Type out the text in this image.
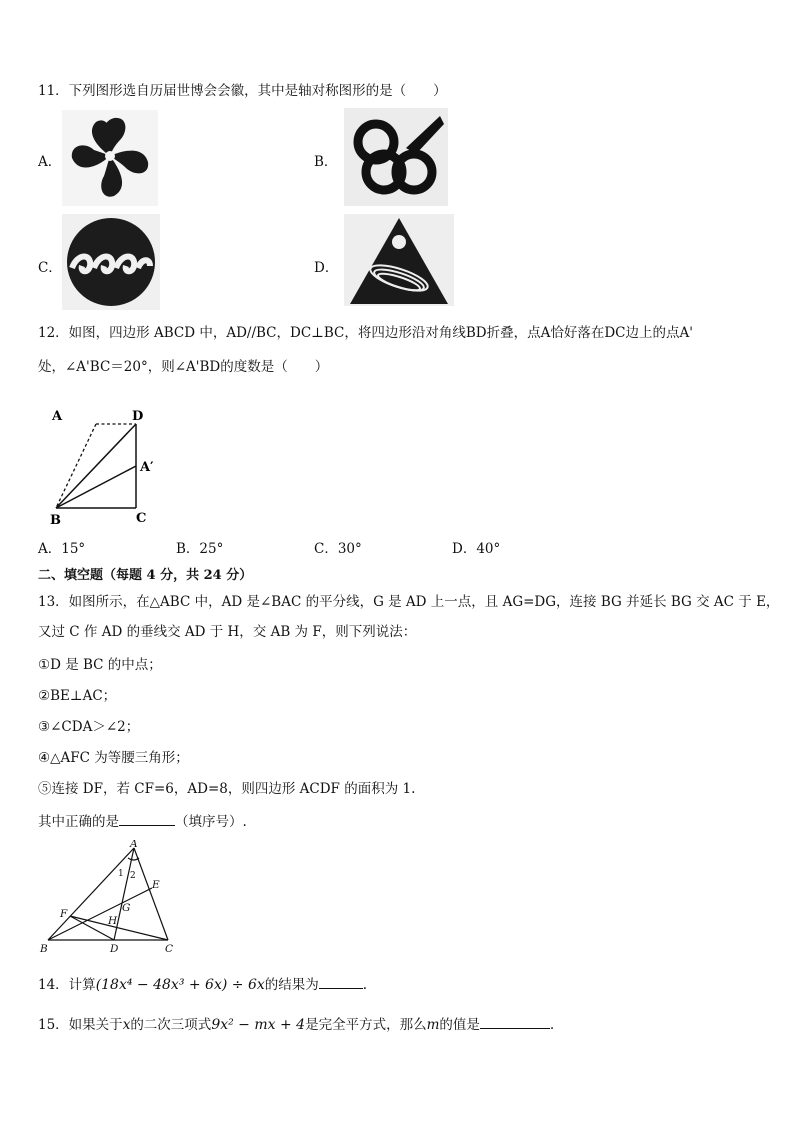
11．下列图形选自历届世博会会徽，其中是轴对称图形的是（　　）
A．	B．
C．	D．
12．如图，四边形 ABCD 中，AD//BC，DC⊥BC，将四边形沿对角线BD折叠，点A恰好落在DC边上的点A'
处，∠A'BC＝20°，则∠A'BD的度数是（　　）
A	D
A′
B	C
A．15°	B．25°	C．30°	D．40°
二、填空题（每题 4 分，共 24 分）
13．如图所示，在△ABC 中，AD 是∠BAC 的平分线，G 是 AD 上一点，且 AG=DG，连接 BG 并延长 BG 交 AC 于 E，
又过 C 作 AD 的垂线交 AD 于 H，交 AB 为 F，则下列说法：
①D 是 BC 的中点；
②BE⊥AC；
③∠CDA＞∠2；
④△AFC 为等腰三角形；
⑤连接 DF，若 CF=6，AD=8，则四边形 ACDF 的面积为 1.
其中正确的是	（填序号）.
A
E
F	G
H
B	D	C
1 2
14．计算(18x⁴ − 48x³ + 6x) ÷ 6x的结果为	.
15．如果关于x的二次三项式9x² − mx + 4是完全平方式，那么m的值是	.
